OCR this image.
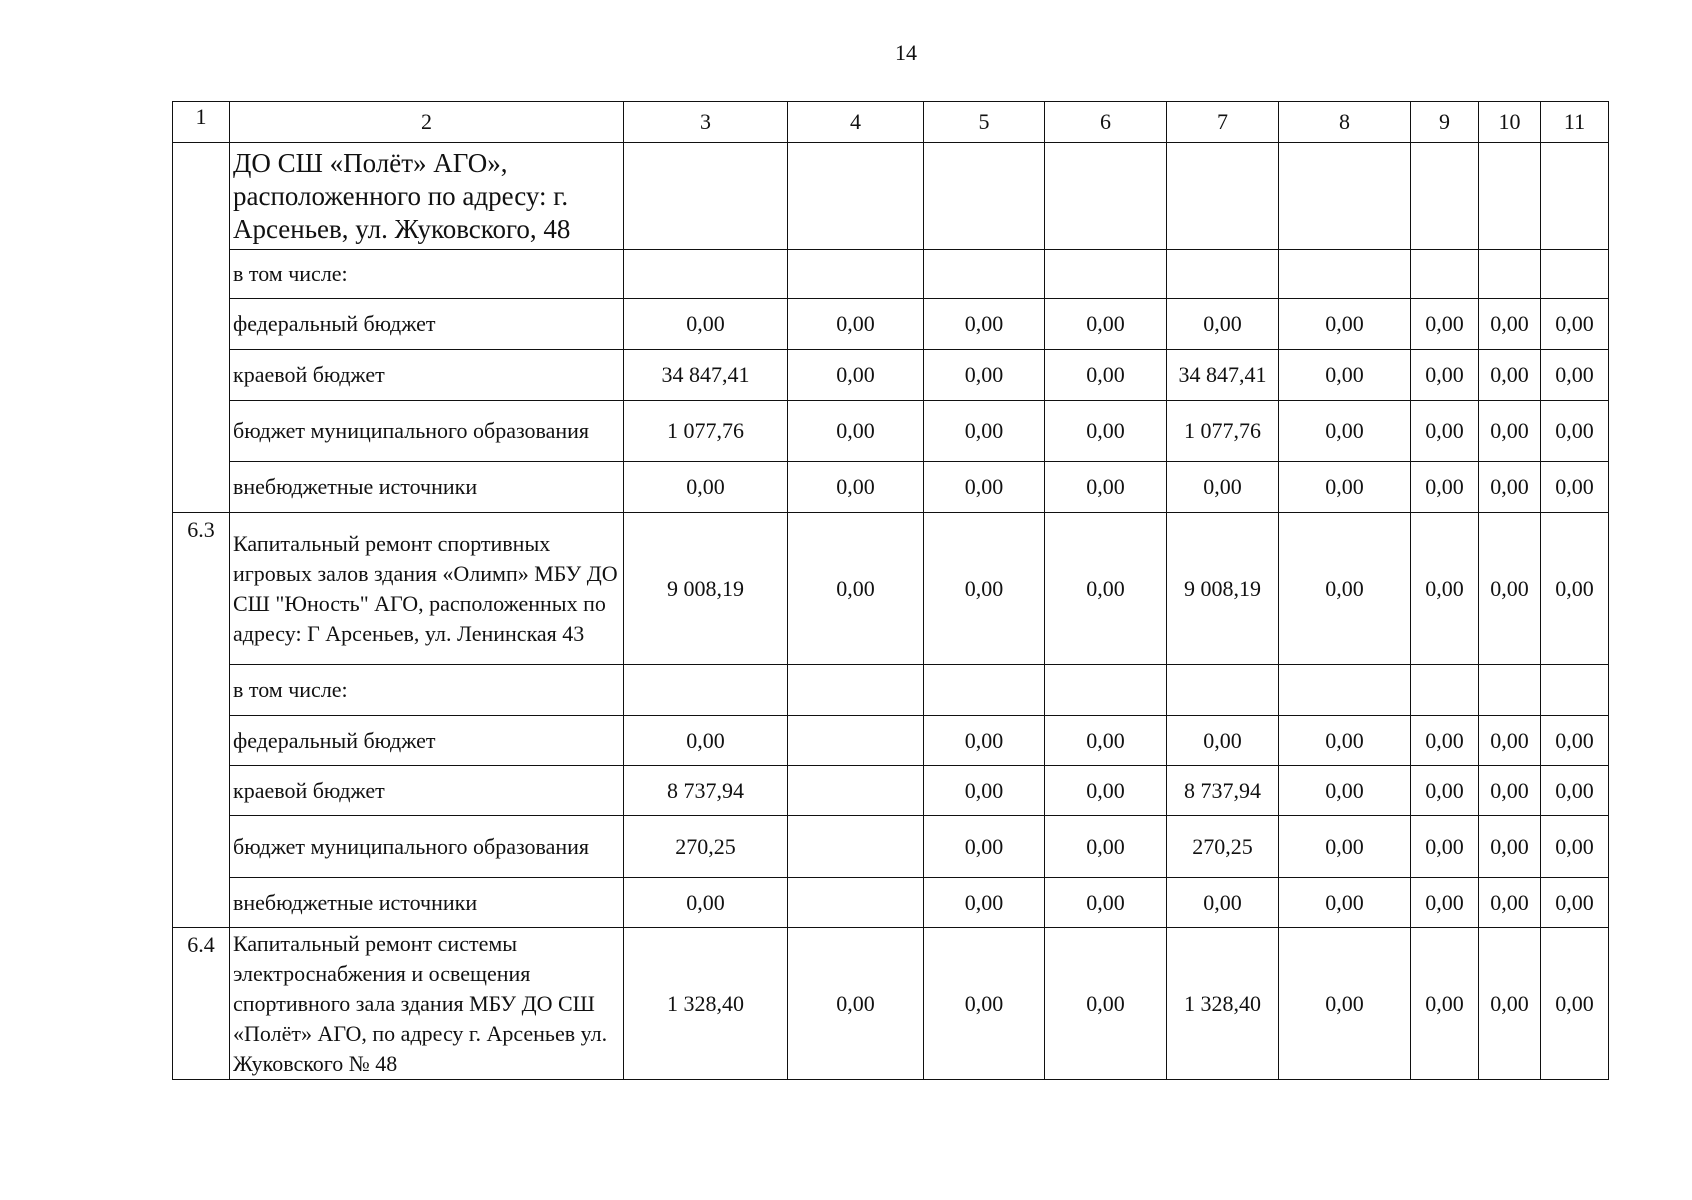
14
1	2	3	4	5	6	7	8	9	10	11
	ДО СШ «Полёт» АГО», расположенного по адресу: г. Арсеньев, ул. Жуковского, 48									
	в том числе:									
	федеральный бюджет	0,00	0,00	0,00	0,00	0,00	0,00	0,00	0,00	0,00
	краевой бюджет	34 847,41	0,00	0,00	0,00	34 847,41	0,00	0,00	0,00	0,00
	бюджет муниципального образования	1 077,76	0,00	0,00	0,00	1 077,76	0,00	0,00	0,00	0,00
	внебюджетные источники	0,00	0,00	0,00	0,00	0,00	0,00	0,00	0,00	0,00
6.3	Капитальный ремонт спортивных игровых залов здания «Олимп» МБУ ДО СШ "Юность" АГО, расположенных по адресу: Г Арсеньев, ул. Ленинская 43	9 008,19	0,00	0,00	0,00	9 008,19	0,00	0,00	0,00	0,00
	в том числе:									
	федеральный бюджет	0,00		0,00	0,00	0,00	0,00	0,00	0,00	0,00
	краевой бюджет	8 737,94		0,00	0,00	8 737,94	0,00	0,00	0,00	0,00
	бюджет муниципального образования	270,25		0,00	0,00	270,25	0,00	0,00	0,00	0,00
	внебюджетные источники	0,00		0,00	0,00	0,00	0,00	0,00	0,00	0,00
6.4	Капитальный ремонт системы электроснабжения и освещения спортивного зала здания МБУ ДО СШ «Полёт» АГО, по адресу г. Арсеньев ул. Жуковского № 48	1 328,40	0,00	0,00	0,00	1 328,40	0,00	0,00	0,00	0,00
